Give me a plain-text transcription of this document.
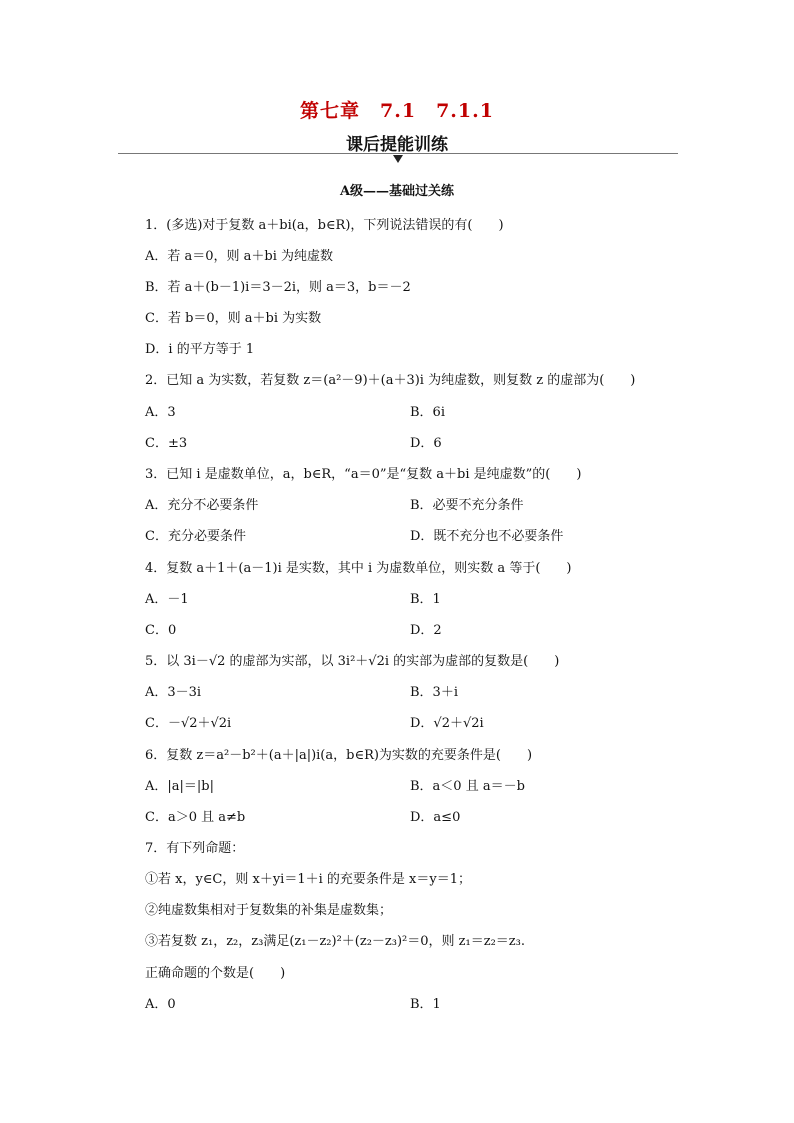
第七章　7.1　7.1.1
课后提能训练
A级——基础过关练
1．(多选)对于复数 a＋bi(a，b∈R)，下列说法错误的有(　　)
A．若 a＝0，则 a＋bi 为纯虚数
B．若 a＋(b－1)i＝3－2i，则 a＝3，b＝－2
C．若 b＝0，则 a＋bi 为实数
D．i 的平方等于 1
2．已知 a 为实数，若复数 z＝(a²－9)＋(a＋3)i 为纯虚数，则复数 z 的虚部为(　　)
A．3	B．6i
C．±3	D．6
3．已知 i 是虚数单位，a，b∈R，“a＝0”是“复数 a＋bi 是纯虚数”的(　　)
A．充分不必要条件	B．必要不充分条件
C．充分必要条件	D．既不充分也不必要条件
4．复数 a＋1＋(a－1)i 是实数，其中 i 为虚数单位，则实数 a 等于(　　)
A．－1	B．1
C．0	D．2
5．以 3i－√2 的虚部为实部，以 3i²＋√2i 的实部为虚部的复数是(　　)
A．3－3i	B．3＋i
C．－√2＋√2i	D．√2＋√2i
6．复数 z＝a²－b²＋(a＋|a|)i(a，b∈R)为实数的充要条件是(　　)
A．|a|＝|b|	B．a＜0 且 a＝－b
C．a＞0 且 a≠b	D．a≤0
7．有下列命题：
①若 x，y∈C，则 x＋yi＝1＋i 的充要条件是 x＝y＝1；
②纯虚数集相对于复数集的补集是虚数集；
③若复数 z₁，z₂，z₃满足(z₁－z₂)²＋(z₂－z₃)²＝0，则 z₁＝z₂＝z₃.
正确命题的个数是(　　)
A．0	B．1
